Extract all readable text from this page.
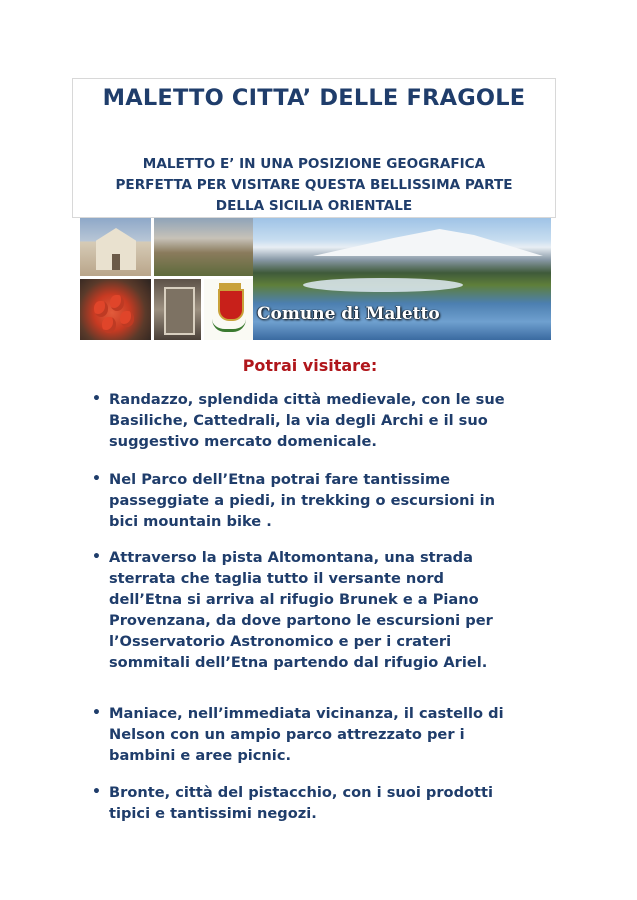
MALETTO CITTA’ DELLE FRAGOLE
MALETTO E’ IN UNA POSIZIONE GEOGRAFICA
PERFETTA PER VISITARE QUESTA BELLISSIMA PARTE
DELLA SICILIA ORIENTALE
Comune di Maletto
Potrai visitare:
• Randazzo, splendida città medievale, con le sue
Basiliche, Cattedrali, la via degli Archi e il suo
suggestivo mercato domenicale.
• Nel Parco dell’Etna potrai fare tantissime
passeggiate a piedi, in trekking o escursioni in
bici mountain bike .
• Attraverso la pista Altomontana, una strada
sterrata che taglia tutto il versante nord
dell’Etna si arriva al rifugio Brunek e a Piano
Provenzana, da dove partono le escursioni per
l’Osservatorio Astronomico e per i crateri
sommitali dell’Etna partendo dal rifugio Ariel.
• Maniace, nell’immediata vicinanza, il castello di
Nelson con un ampio parco attrezzato per i
bambini e aree picnic.
• Bronte, città del pistacchio, con i suoi prodotti
tipici e tantissimi negozi.
